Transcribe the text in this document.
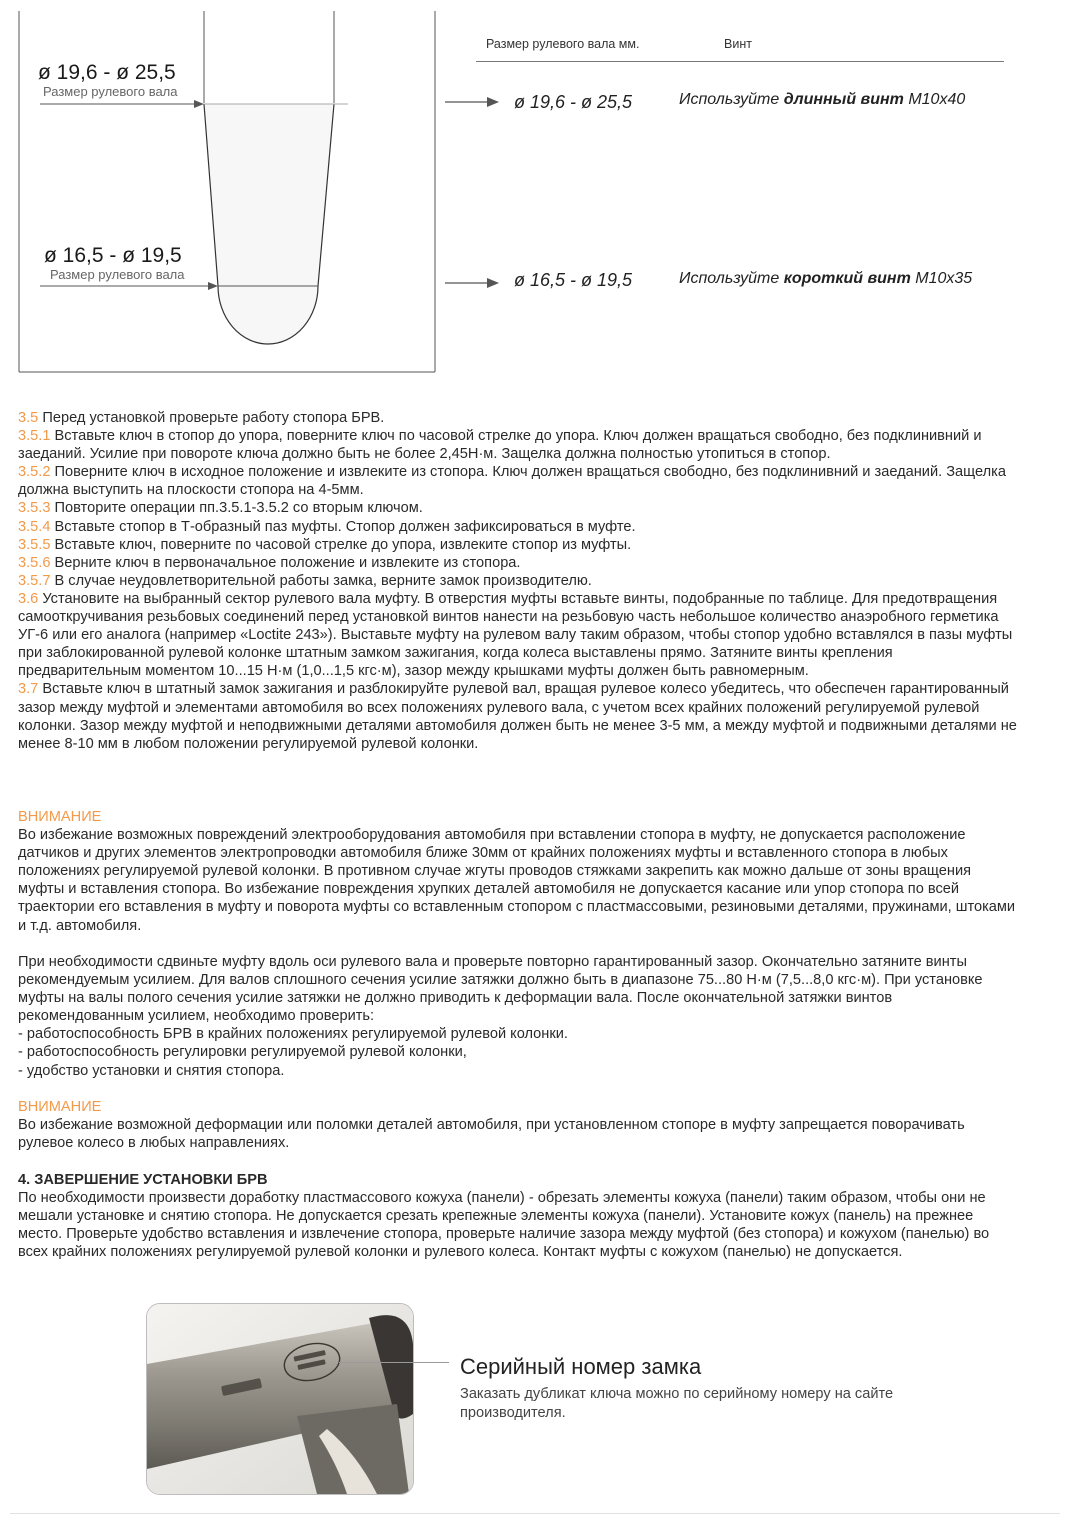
ø 19,6 - ø 25,5
Размер рулевого вала
ø 16,5 - ø 19,5
Размер рулевого вала
Размер рулевого вала мм.	Винт
ø 19,6 - ø 25,5	Используйте длинный винт M10x40
ø 16,5 - ø 19,5	Используйте короткий винт M10x35

3.5 Перед установкой проверьте работу стопора БРВ.

3.5.1 Вставьте ключ в стопор до упора, поверните ключ по часовой стрелке до упора. Ключ должен вращаться свободно, без подклинивний и заеданий. Усилие при повороте ключа должно быть не более 2,45Н·м. Защелка должна полностью утопиться в стопор.

3.5.2 Поверните ключ в исходное положение и извлеките из стопора. Ключ должен вращаться свободно, без подклинивний и заеданий. Защелка должна выступить на плоскости стопора на 4-5мм.

3.5.3 Повторите операции пп.3.5.1-3.5.2 со вторым ключом.

3.5.4 Вставьте стопор в Т-образный паз муфты. Стопор должен зафиксироваться в муфте.

3.5.5 Вставьте ключ, поверните по часовой стрелке до упора, извлеките стопор из муфты.

3.5.6 Верните ключ в первоначальное положение и извлеките из стопора.

3.5.7 В случае неудовлетворительной работы замка, верните замок производителю.

3.6 Установите на выбранный сектор рулевого вала муфту. В отверстия муфты вставьте винты, подобранные по таблице. Для предотвращения самооткручивания резьбовых соединений перед установкой винтов нанести на резьбовую часть небольшое количество анаэробного герметика УГ-6 или его аналога (например «Loctite 243»). Выставьте муфту на рулевом валу таким образом, чтобы стопор удобно вставлялся в пазы муфты при заблокированной рулевой колонке штатным замком зажигания, когда колеса выставлены прямо. Затяните винты крепления предварительным моментом 10...15 Н·м (1,0...1,5 кгс·м), зазор между крышками муфты должен быть равномерным.

3.7 Вставьте ключ в штатный замок зажигания и разблокируйте рулевой вал, вращая рулевое колесо убедитесь, что обеспечен гарантированный зазор между муфтой и элементами автомобиля во всех положениях рулевого вала, с учетом всех крайних положений регулируемой рулевой колонки. Зазор между муфтой и неподвижными деталями автомобиля должен быть не менее 3-5 мм, а между муфтой и подвижными деталями не менее 8-10 мм в любом положении регулируемой рулевой колонки.

ВНИМАНИЕ

Во избежание возможных повреждений электрооборудования автомобиля при вставлении стопора в муфту, не допускается расположение датчиков и других элементов электропроводки автомобиля ближе 30мм от крайних положениях муфты и вставленного стопора в любых положениях регулируемой рулевой колонки. В противном случае жгуты проводов стяжками закрепить как можно дальше от зоны вращения муфты и вставления стопора. Во избежание повреждения хрупких деталей автомобиля не допускается касание или упор стопора по всей траектории его вставления в муфту и поворота муфты со вставленным стопором с пластмассовыми, резиновыми деталями, пружинами, штоками и т.д. автомобиля.

При необходимости сдвиньте муфту вдоль оси рулевого вала и проверьте повторно гарантированный зазор. Окончательно затяните винты рекомендуемым усилием. Для валов сплошного сечения усилие затяжки должно быть в диапазоне 75...80 Н·м (7,5...8,0 кгс·м). При установке муфты на валы полого сечения усилие затяжки не должно приводить к деформации вала. После окончательной затяжки винтов рекомендованным усилием, необходимо проверить:

- работоспособность БРВ в крайних положениях регулируемой рулевой колонки.

- работоспособность регулировки регулируемой рулевой колонки,

- удобство установки и снятия стопора.

ВНИМАНИЕ

Во избежание возможной деформации или поломки деталей автомобиля, при установленном стопоре в муфту запрещается поворачивать рулевое колесо в любых направлениях.

4. ЗАВЕРШЕНИЕ УСТАНОВКИ БРВ

По необходимости произвести доработку пластмассового кожуха (панели) - обрезать элементы кожуха (панели) таким образом, чтобы они не мешали установке и снятию стопора. Не допускается срезать крепежные элементы кожуха (панели). Установите кожух (панель) на прежнее место. Проверьте удобство вставления и извлечение стопора, проверьте наличие зазора между муфтой (без стопора) и кожухом (панелью) во всех крайних положениях регулируемой рулевой колонки и рулевого колеса. Контакт муфты с кожухом (панелью) не допускается.

Серийный номер замка
Заказать дубликат ключа можно по серийному номеру на сайте производителя.
